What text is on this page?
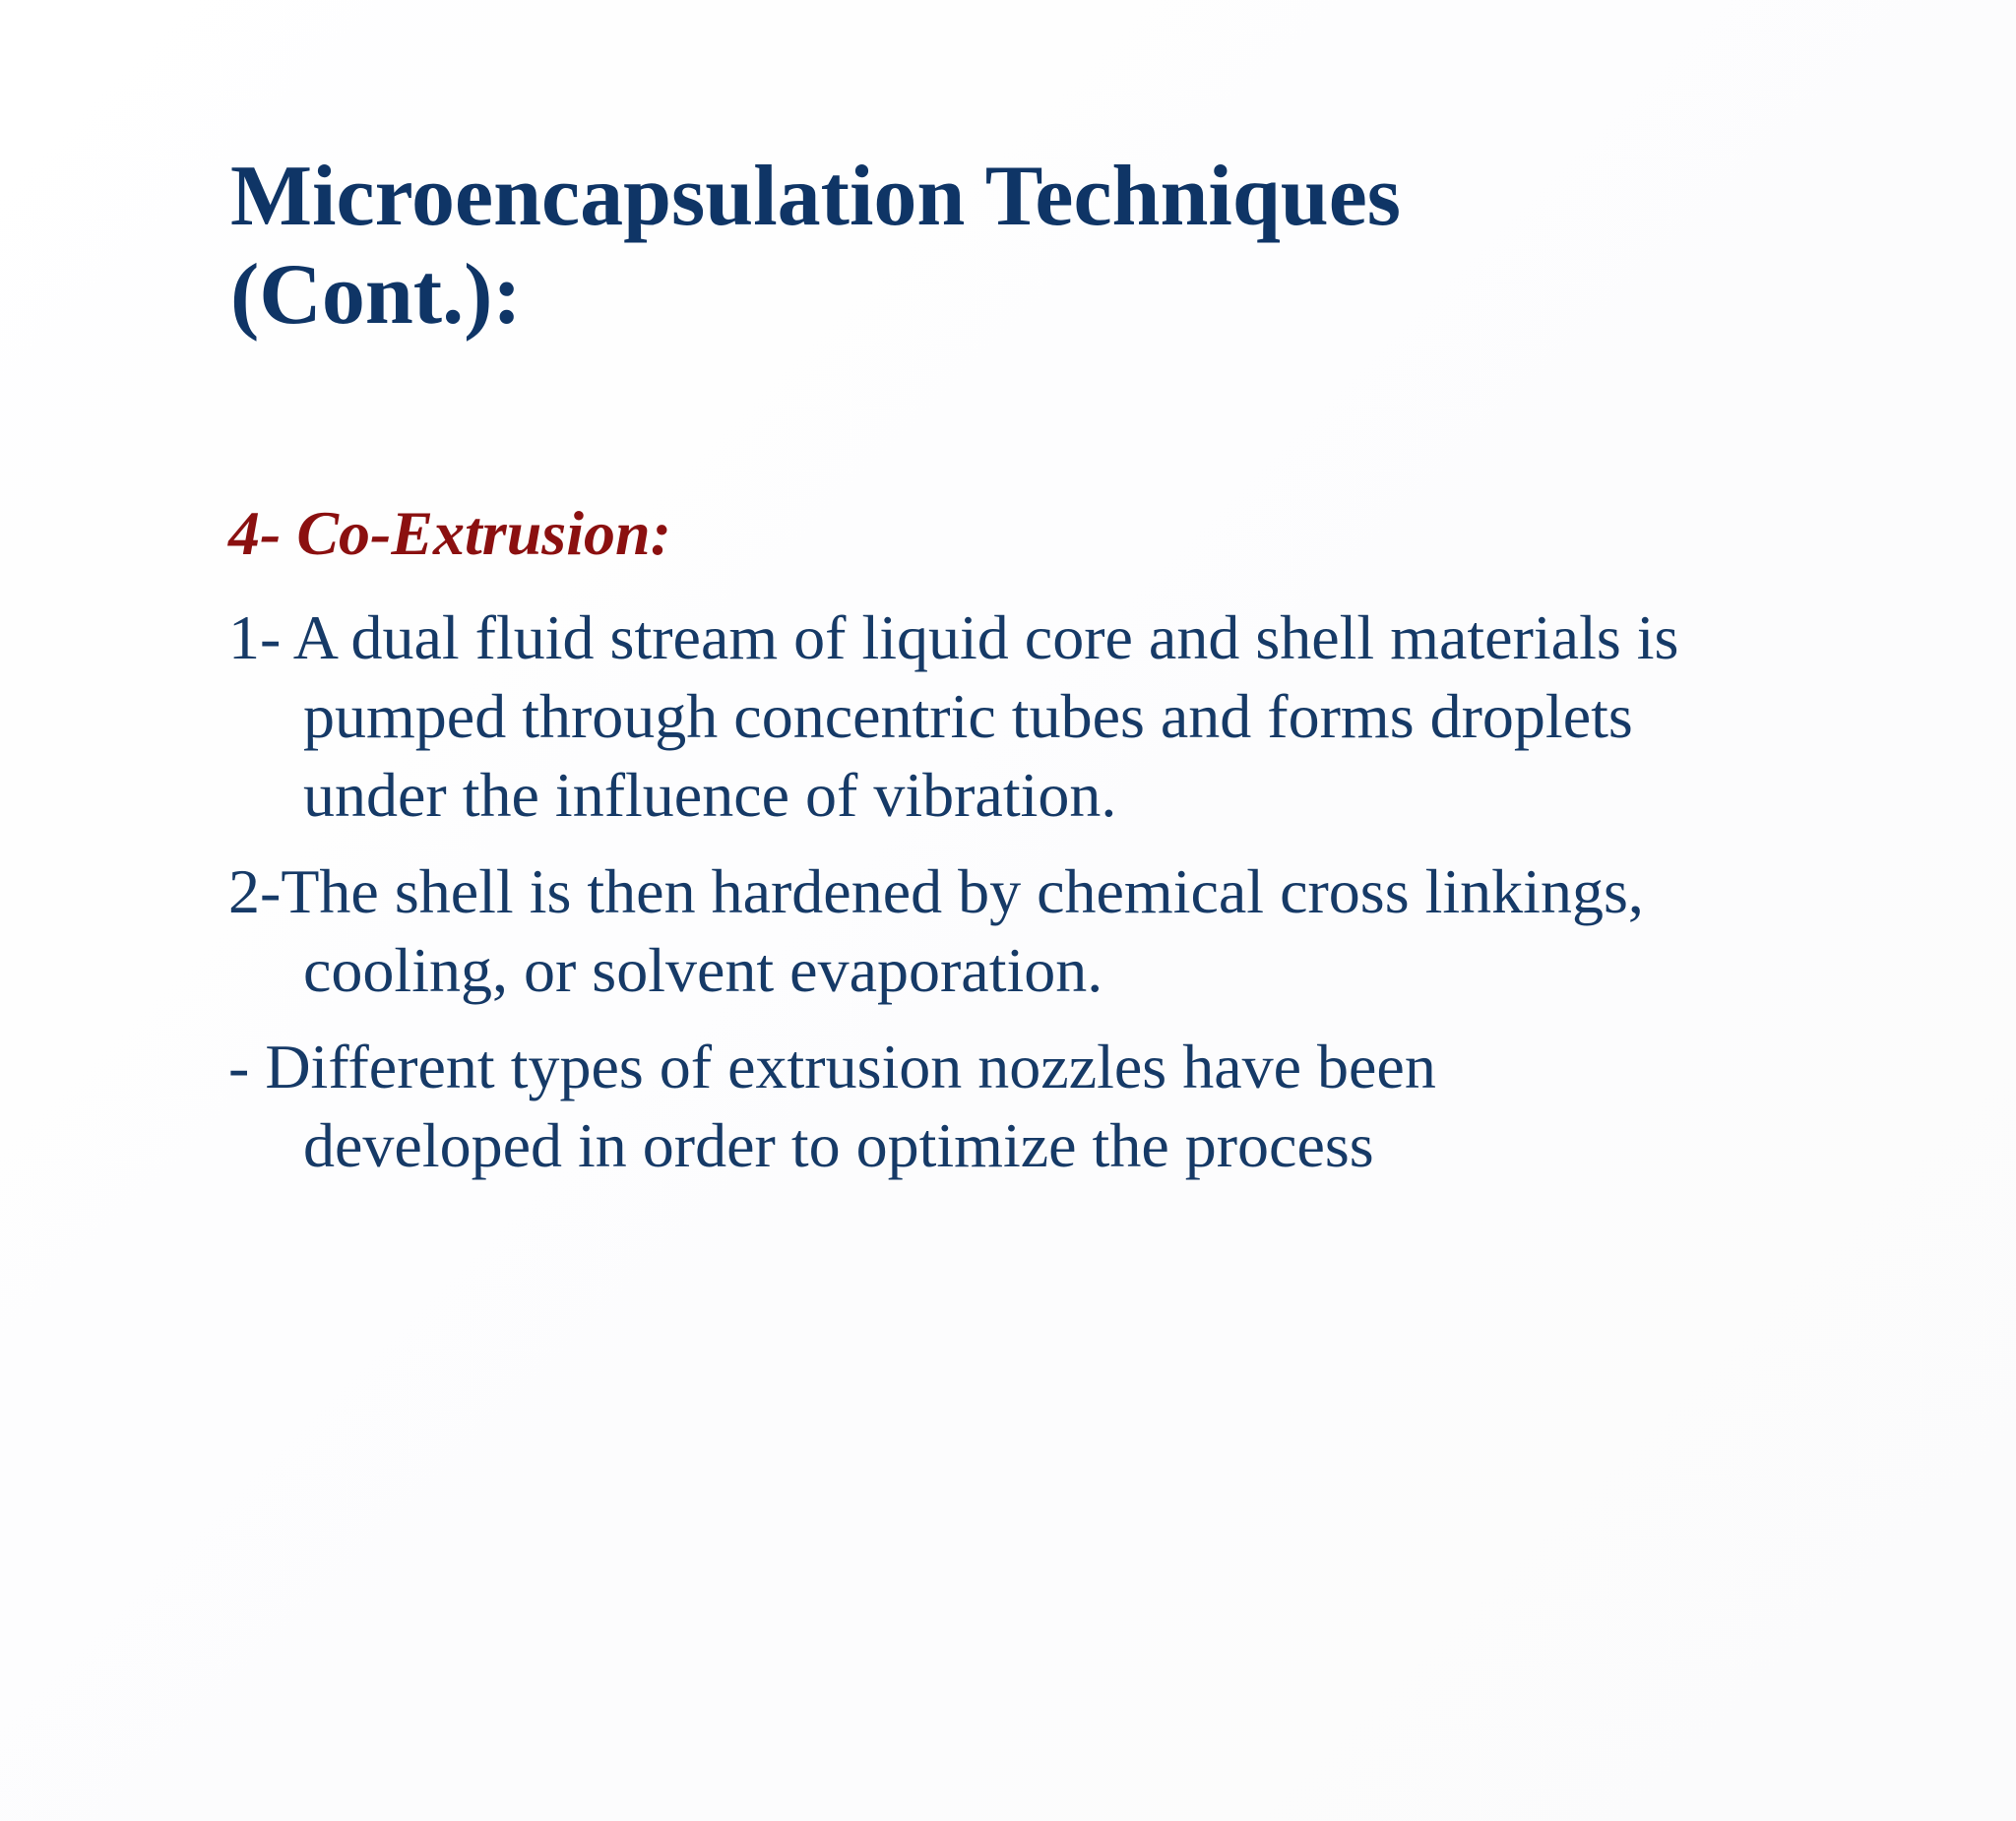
Microencapsulation Techniques
(Cont.):
4- Co-Extrusion:
1- A dual fluid stream of liquid core and shell materials is
pumped through concentric tubes and forms droplets
under the influence of vibration.
2-The shell is then hardened by chemical cross linkings,
cooling, or solvent evaporation.
- Different types of extrusion nozzles have been
developed in order to optimize the process
